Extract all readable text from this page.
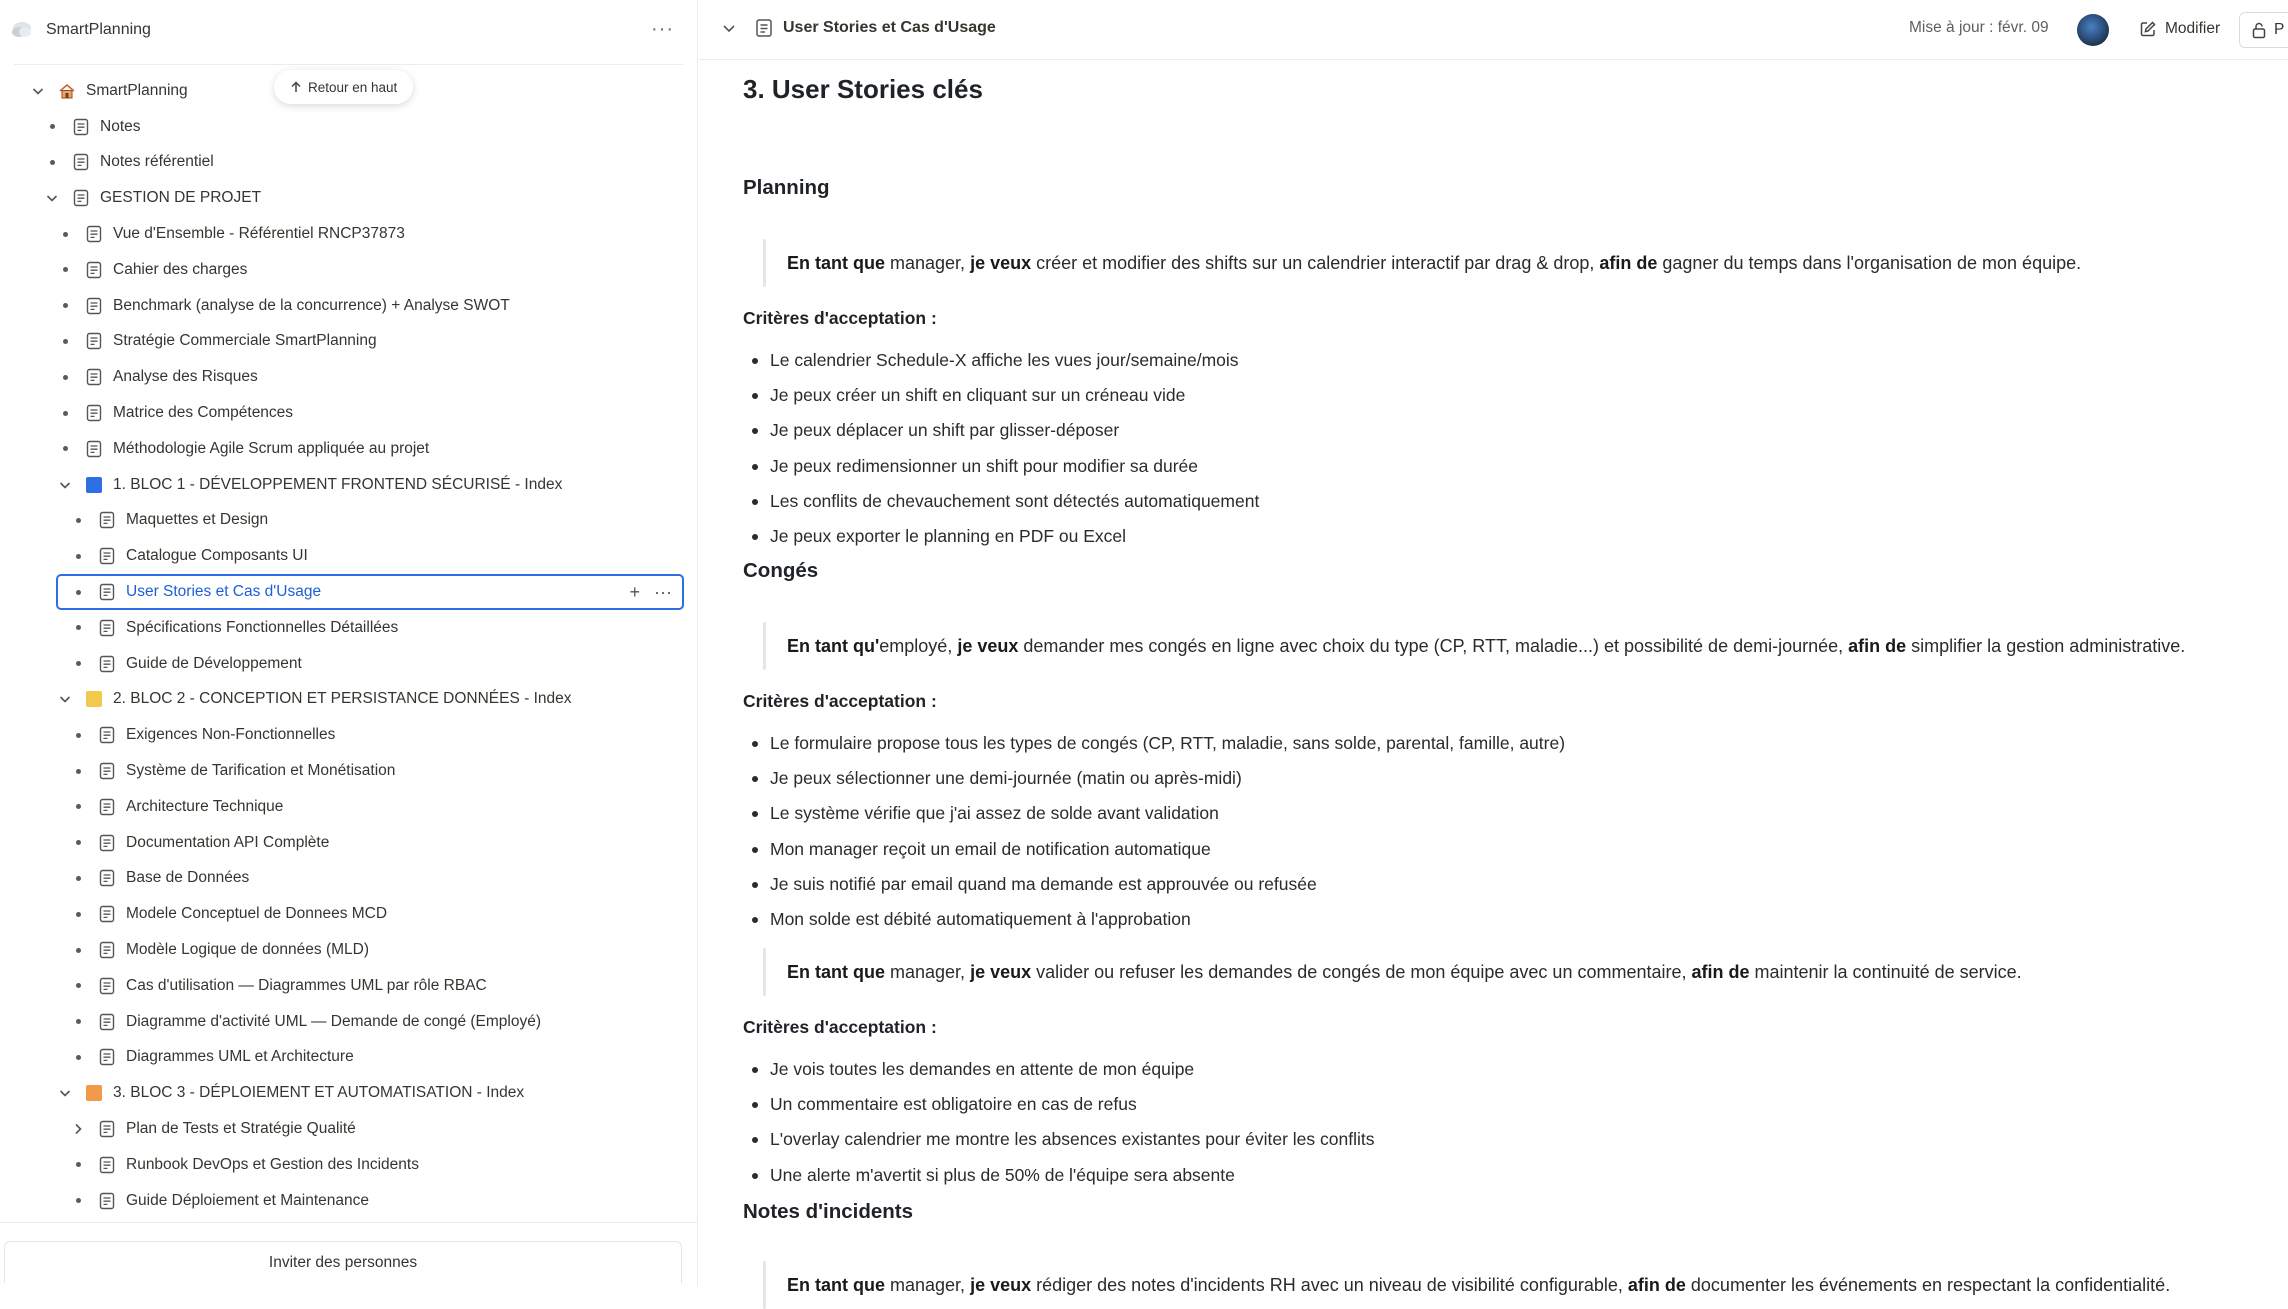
SmartPlanning	···
Retour en haut
SmartPlanning
Notes
Notes référentiel
GESTION DE PROJET
Vue d'Ensemble - Référentiel RNCP37873
Cahier des charges
Benchmark (analyse de la concurrence) + Analyse SWOT
Stratégie Commerciale SmartPlanning
Analyse des Risques
Matrice des Compétences
Méthodologie Agile Scrum appliquée au projet
1. BLOC 1 - DÉVELOPPEMENT FRONTEND SÉCURISÉ - Index
Maquettes et Design
Catalogue Composants UI
User Stories et Cas d'Usage	+ ···
Spécifications Fonctionnelles Détaillées
Guide de Développement
2. BLOC 2 - CONCEPTION ET PERSISTANCE DONNÉES - Index
Exigences Non-Fonctionnelles
Système de Tarification et Monétisation
Architecture Technique
Documentation API Complète
Base de Données
Modele Conceptuel de Donnees MCD
Modèle Logique de données (MLD)
Cas d'utilisation — Diagrammes UML par rôle RBAC
Diagramme d'activité UML — Demande de congé (Employé)
Diagrammes UML et Architecture
3. BLOC 3 - DÉPLOIEMENT ET AUTOMATISATION - Index
Plan de Tests et Stratégie Qualité
Runbook DevOps et Gestion des Incidents
Guide Déploiement et Maintenance
Inviter des personnes
User Stories et Cas d'Usage	Mise à jour : févr. 09	Modifier	P
3. User Stories clés
Planning
En tant que manager, je veux créer et modifier des shifts sur un calendrier interactif par drag & drop, afin de gagner du temps dans l'organisation de mon équipe.
Critères d'acceptation :
Le calendrier Schedule-X affiche les vues jour/semaine/mois
Je peux créer un shift en cliquant sur un créneau vide
Je peux déplacer un shift par glisser-déposer
Je peux redimensionner un shift pour modifier sa durée
Les conflits de chevauchement sont détectés automatiquement
Je peux exporter le planning en PDF ou Excel
Congés
En tant qu'employé, je veux demander mes congés en ligne avec choix du type (CP, RTT, maladie...) et possibilité de demi-journée, afin de simplifier la gestion administrative.
Critères d'acceptation :
Le formulaire propose tous les types de congés (CP, RTT, maladie, sans solde, parental, famille, autre)
Je peux sélectionner une demi-journée (matin ou après-midi)
Le système vérifie que j'ai assez de solde avant validation
Mon manager reçoit un email de notification automatique
Je suis notifié par email quand ma demande est approuvée ou refusée
Mon solde est débité automatiquement à l'approbation
En tant que manager, je veux valider ou refuser les demandes de congés de mon équipe avec un commentaire, afin de maintenir la continuité de service.
Critères d'acceptation :
Je vois toutes les demandes en attente de mon équipe
Un commentaire est obligatoire en cas de refus
L'overlay calendrier me montre les absences existantes pour éviter les conflits
Une alerte m'avertit si plus de 50% de l'équipe sera absente
Notes d'incidents
En tant que manager, je veux rédiger des notes d'incidents RH avec un niveau de visibilité configurable, afin de documenter les événements en respectant la confidentialité.
